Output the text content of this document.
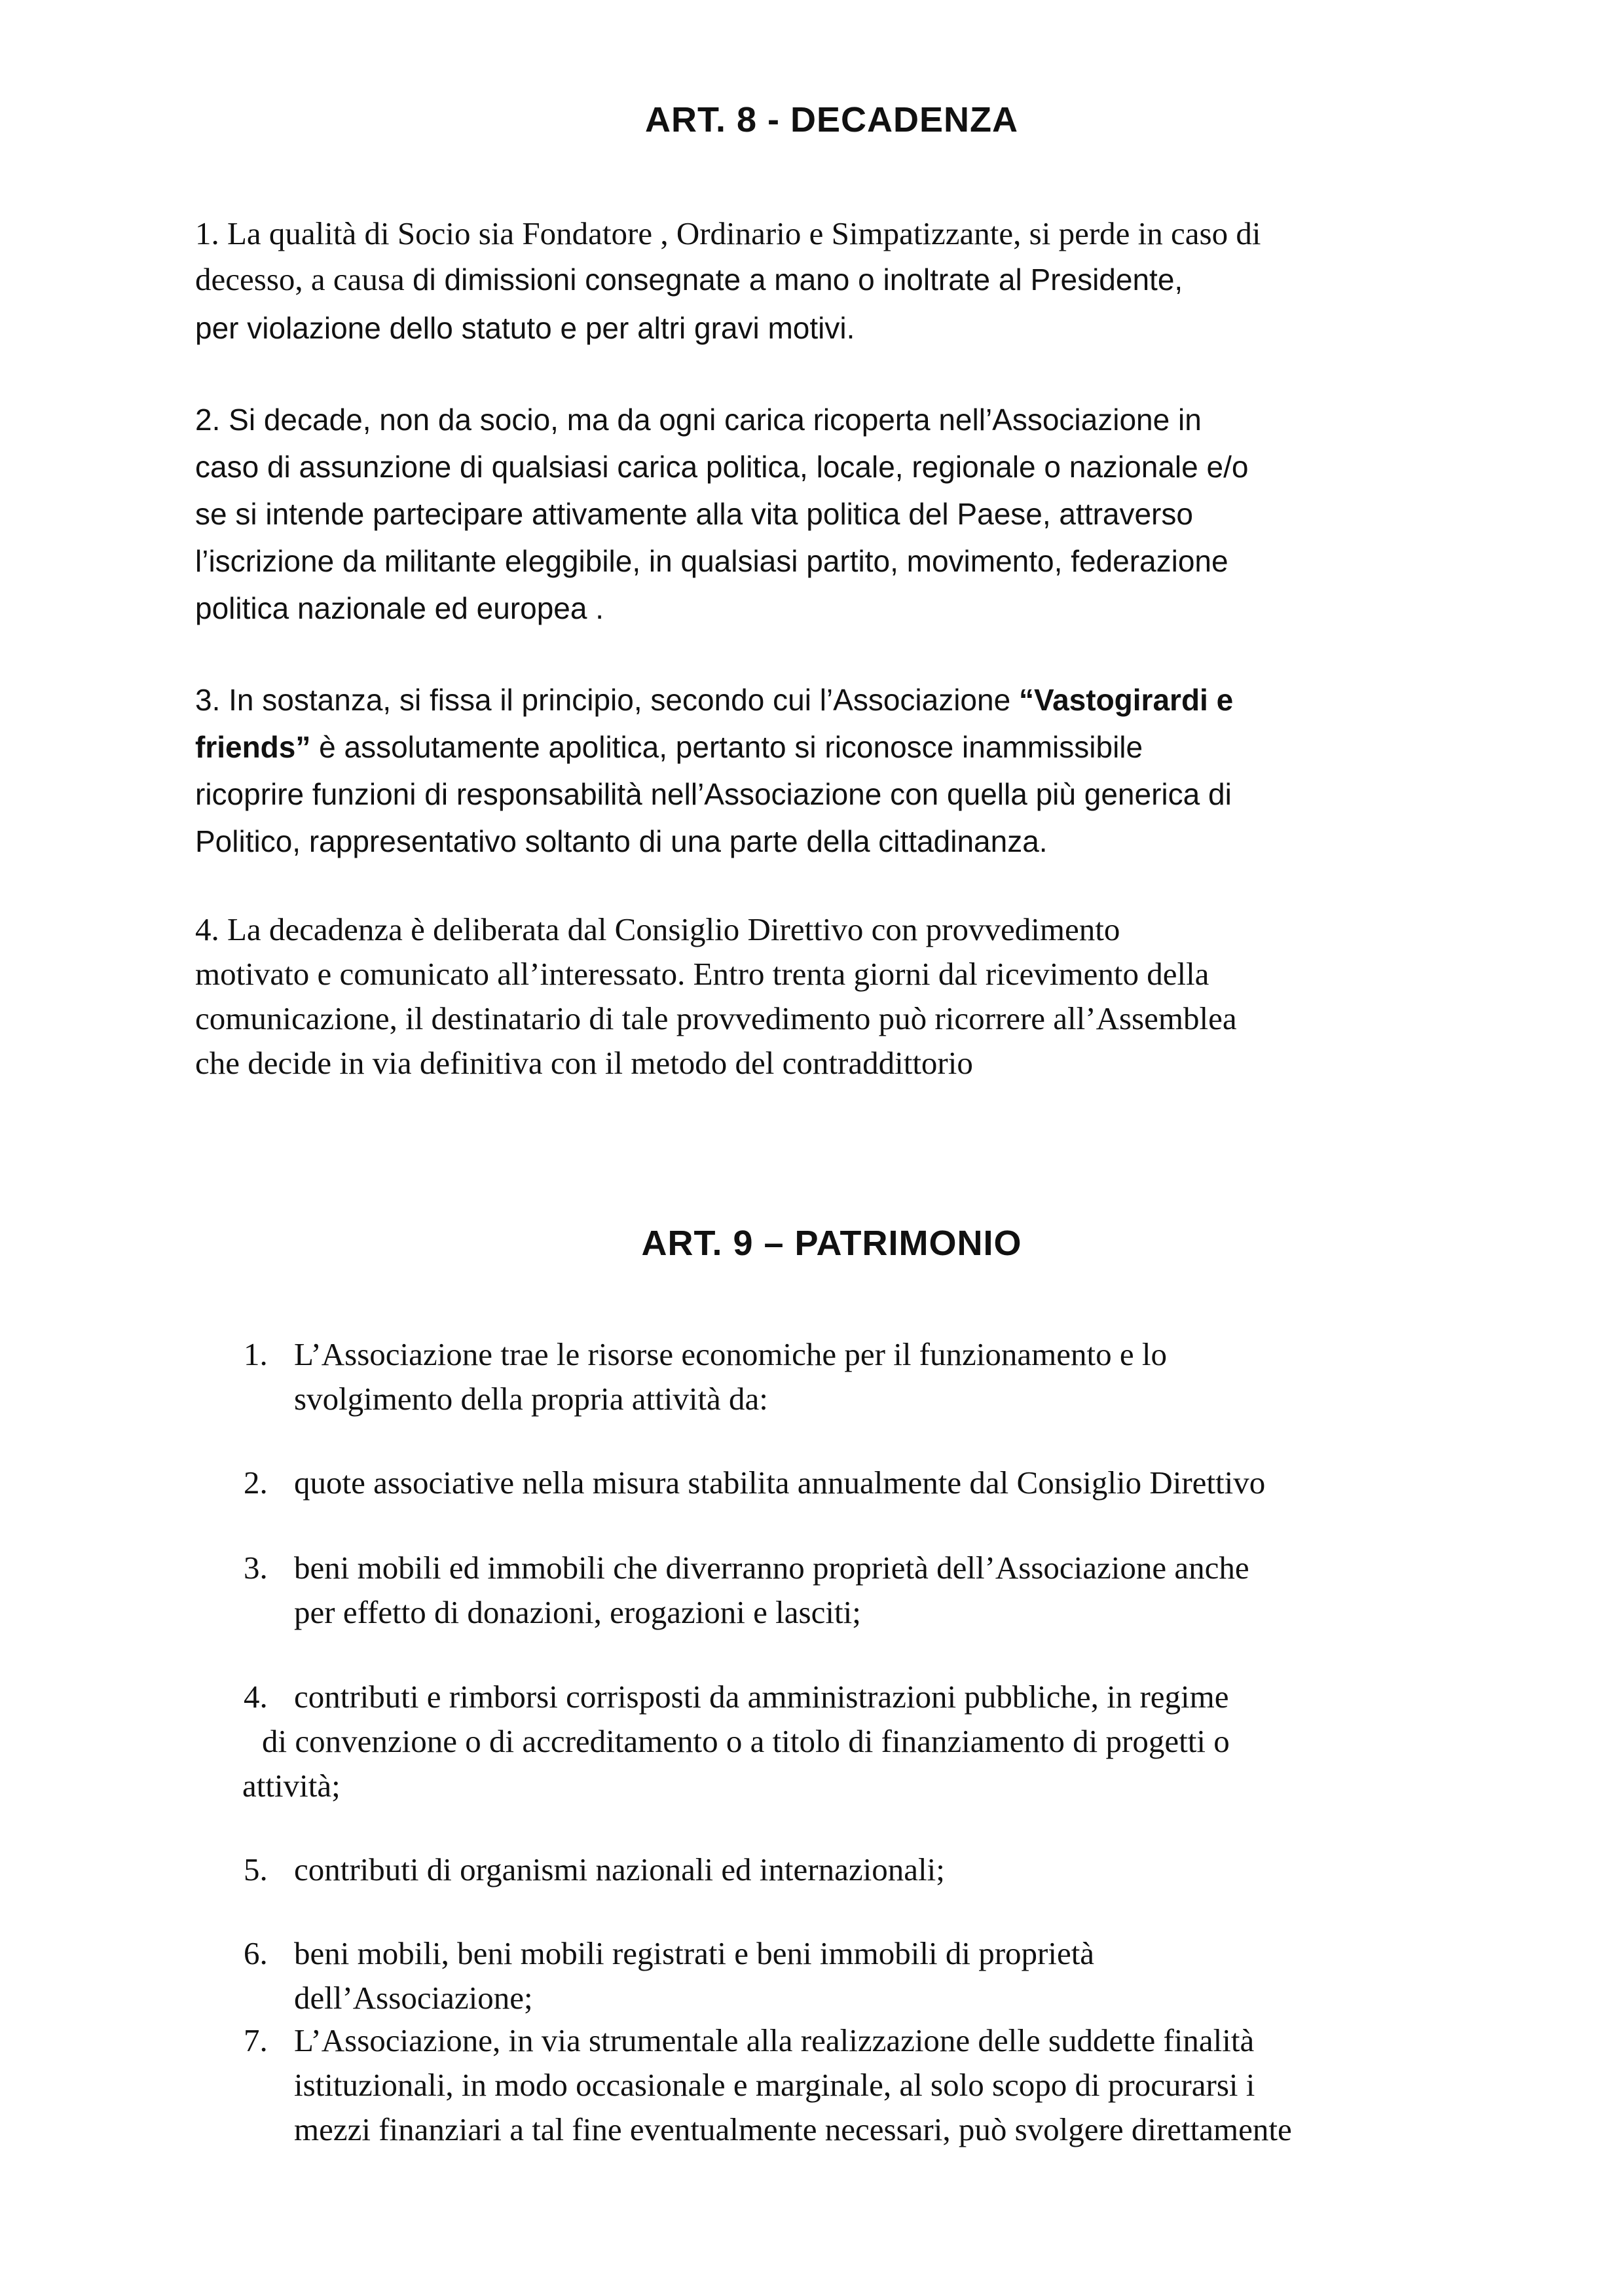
ART. 8 - DECADENZA
1. La qualità di Socio sia Fondatore , Ordinario e Simpatizzante, si perde in caso di
decesso, a causa di dimissioni consegnate a mano o inoltrate al Presidente,
per violazione dello statuto e per altri gravi motivi.
2. Si decade, non da socio, ma da ogni carica ricoperta nell’Associazione in
caso di assunzione di qualsiasi carica politica, locale, regionale o nazionale e/o
se si intende partecipare attivamente alla vita politica del Paese, attraverso
l’iscrizione da militante eleggibile, in qualsiasi partito, movimento, federazione
politica nazionale ed europea .
3. In sostanza, si fissa il principio, secondo cui l’Associazione “Vastogirardi e
friends” è assolutamente apolitica, pertanto si riconosce inammissibile
ricoprire funzioni di responsabilità nell’Associazione con quella più generica di
Politico, rappresentativo soltanto di una parte della cittadinanza.
4. La decadenza è deliberata dal Consiglio Direttivo con provvedimento
motivato e comunicato all’interessato. Entro trenta giorni dal ricevimento della
comunicazione, il destinatario di tale provvedimento può ricorrere all’Assemblea
che decide in via definitiva con il metodo del contraddittorio
ART. 9 – PATRIMONIO
1. L’Associazione trae le risorse economiche per il funzionamento e lo
svolgimento della propria attività da:
2. quote associative nella misura stabilita annualmente dal Consiglio Direttivo
3. beni mobili ed immobili che diverranno proprietà dell’Associazione anche
per effetto di donazioni, erogazioni e lasciti;
4. contributi e rimborsi corrisposti da amministrazioni pubbliche, in regime
di convenzione o di accreditamento o a titolo di finanziamento di progetti o
attività;
5. contributi di organismi nazionali ed internazionali;
6. beni mobili, beni mobili registrati e beni immobili di proprietà
dell’Associazione;
7. L’Associazione, in via strumentale alla realizzazione delle suddette finalità
istituzionali, in modo occasionale e marginale, al solo scopo di procurarsi i
mezzi finanziari a tal fine eventualmente necessari, può svolgere direttamente
